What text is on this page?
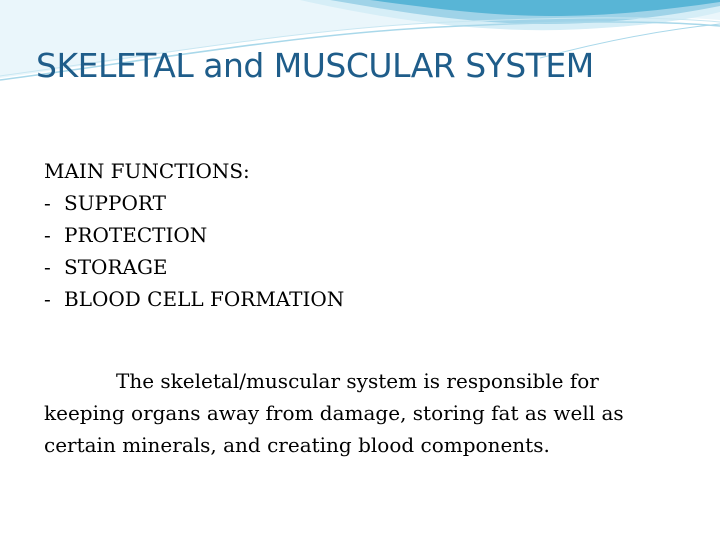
SKELETAL and MUSCULAR SYSTEM

MAIN FUNCTIONS:

- SUPPORT
- PROTECTION
- STORAGE
- BLOOD CELL FORMATION

The skeletal/muscular system is responsible for keeping organs away from damage, storing fat as well as certain minerals, and creating blood components.
